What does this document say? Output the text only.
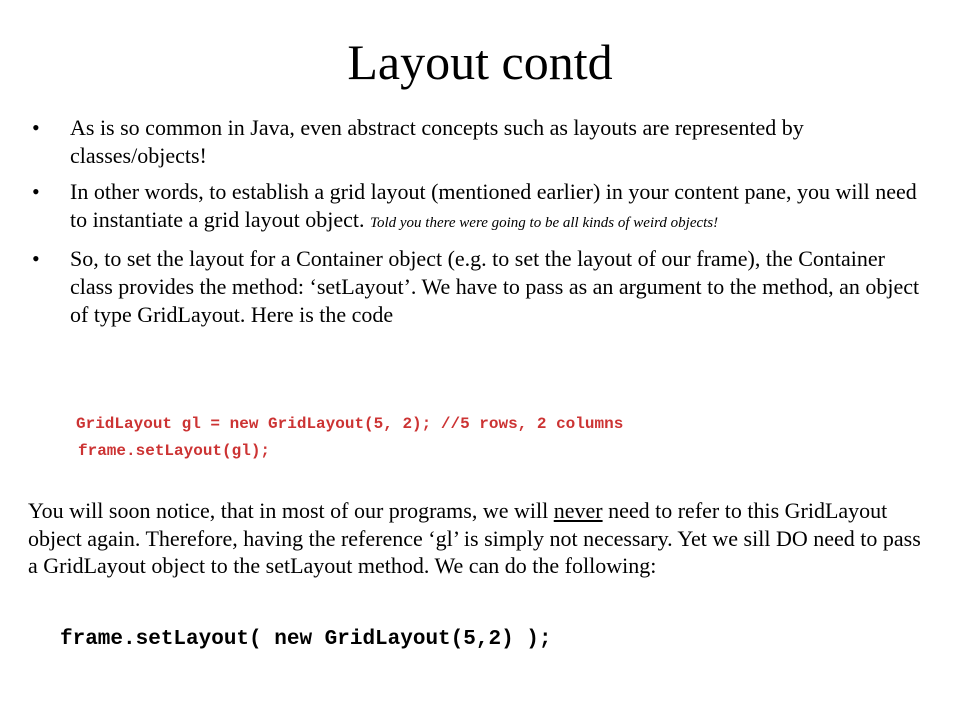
Layout contd
• As is so common in Java, even abstract concepts such as layouts are represented by classes/objects!
• In other words, to establish a grid layout (mentioned earlier) in your content pane, you will need to instantiate a grid layout object. Told you there were going to be all kinds of weird objects!
• So, to set the layout for a Container object (e.g. to set the layout of our frame), the Container class provides the method: ‘setLayout’. We have to pass as an argument to the method, an object of type GridLayout. Here is the code
GridLayout gl = new GridLayout(5, 2); //5 rows, 2 columns
frame.setLayout(gl);
You will soon notice, that in most of our programs, we will never need to refer to this GridLayout object again. Therefore, having the reference ‘gl’ is simply not necessary. Yet we sill DO need to pass a GridLayout object to the setLayout method. We can do the following:
frame.setLayout( new GridLayout(5,2) );
